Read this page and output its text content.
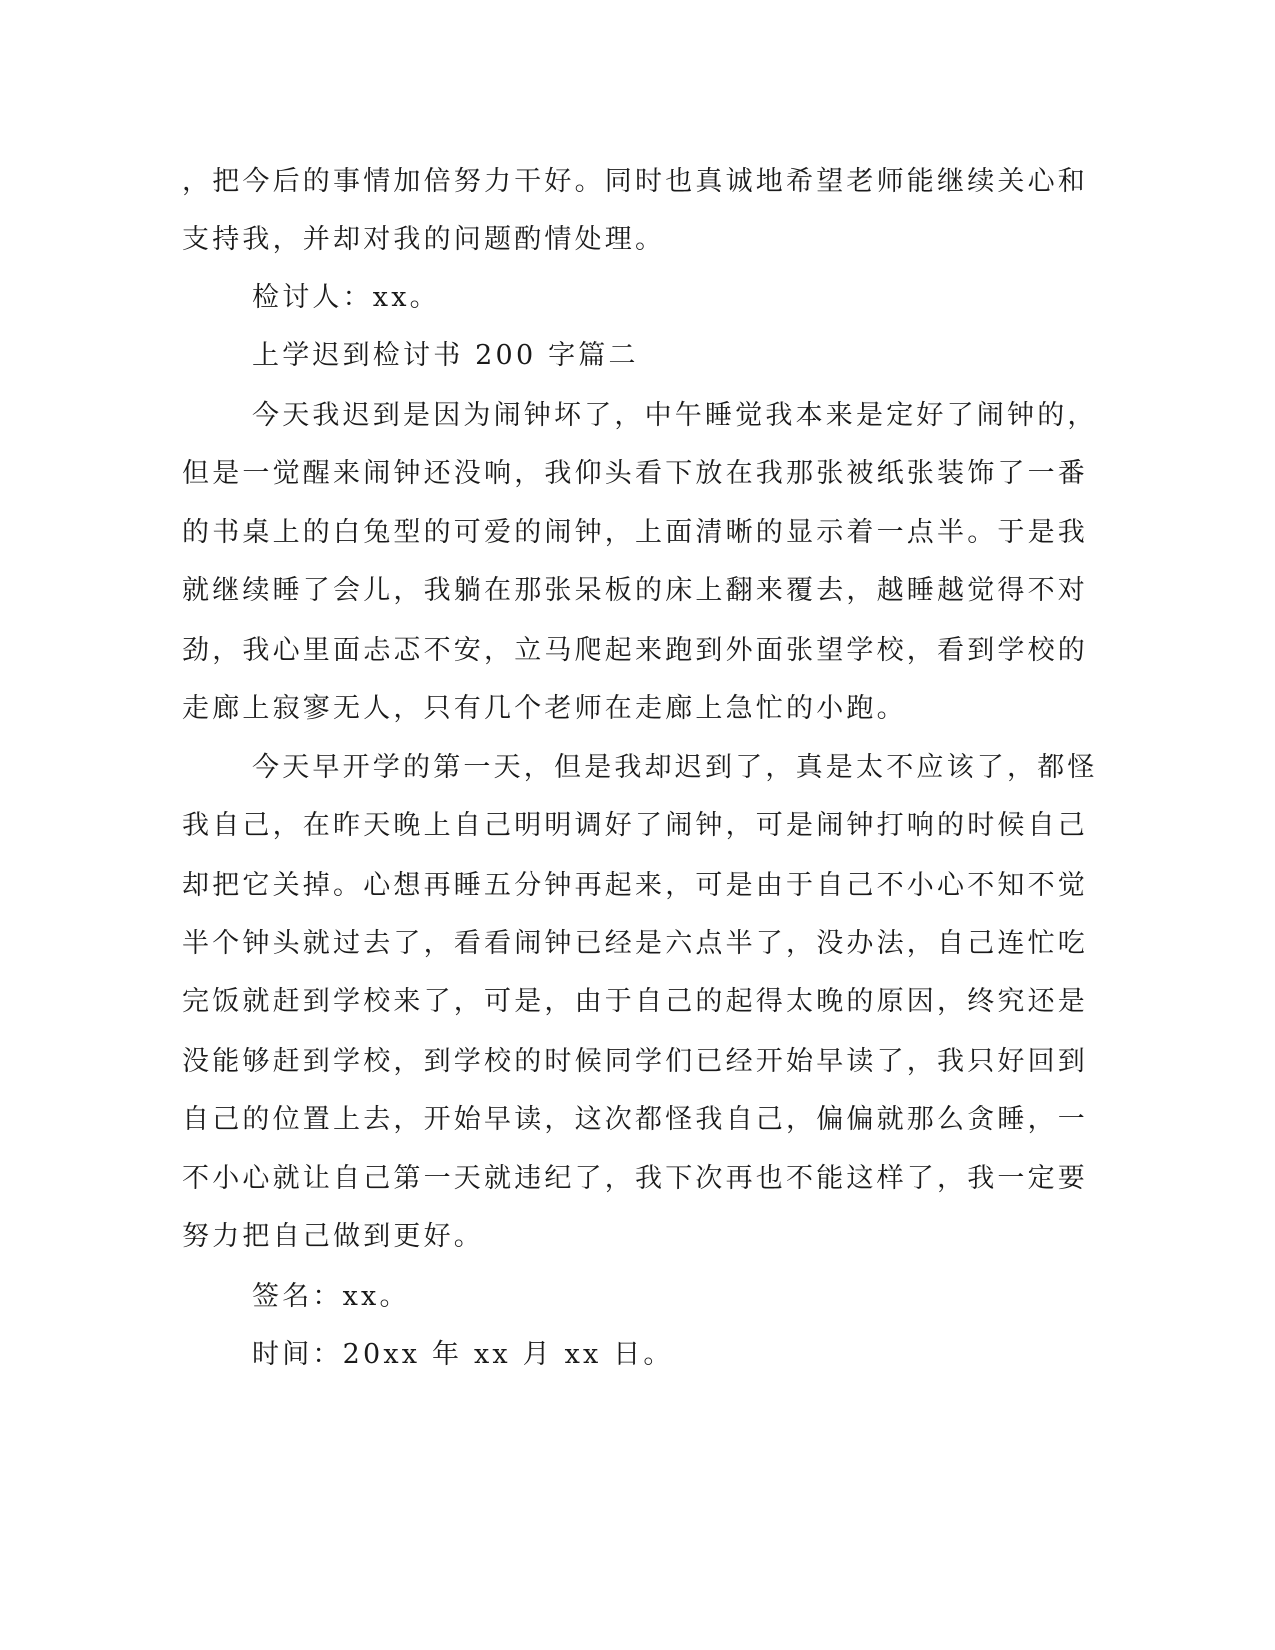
，把今后的事情加倍努力干好。同时也真诚地希望老师能继续关心和
支持我，并却对我的问题酌情处理。
检讨人：xx。
上学迟到检讨书 200 字篇二
今天我迟到是因为闹钟坏了，中午睡觉我本来是定好了闹钟的，
但是一觉醒来闹钟还没响，我仰头看下放在我那张被纸张装饰了一番
的书桌上的白兔型的可爱的闹钟，上面清晰的显示着一点半。于是我
就继续睡了会儿，我躺在那张呆板的床上翻来覆去，越睡越觉得不对
劲，我心里面忐忑不安，立马爬起来跑到外面张望学校，看到学校的
走廊上寂寥无人，只有几个老师在走廊上急忙的小跑。
今天早开学的第一天，但是我却迟到了，真是太不应该了，都怪
我自己，在昨天晚上自己明明调好了闹钟，可是闹钟打响的时候自己
却把它关掉。心想再睡五分钟再起来，可是由于自己不小心不知不觉
半个钟头就过去了，看看闹钟已经是六点半了，没办法，自己连忙吃
完饭就赶到学校来了，可是，由于自己的起得太晚的原因，终究还是
没能够赶到学校，到学校的时候同学们已经开始早读了，我只好回到
自己的位置上去，开始早读，这次都怪我自己，偏偏就那么贪睡，一
不小心就让自己第一天就违纪了，我下次再也不能这样了，我一定要
努力把自己做到更好。
签名：xx。
时间：20xx 年 xx 月 xx 日。
